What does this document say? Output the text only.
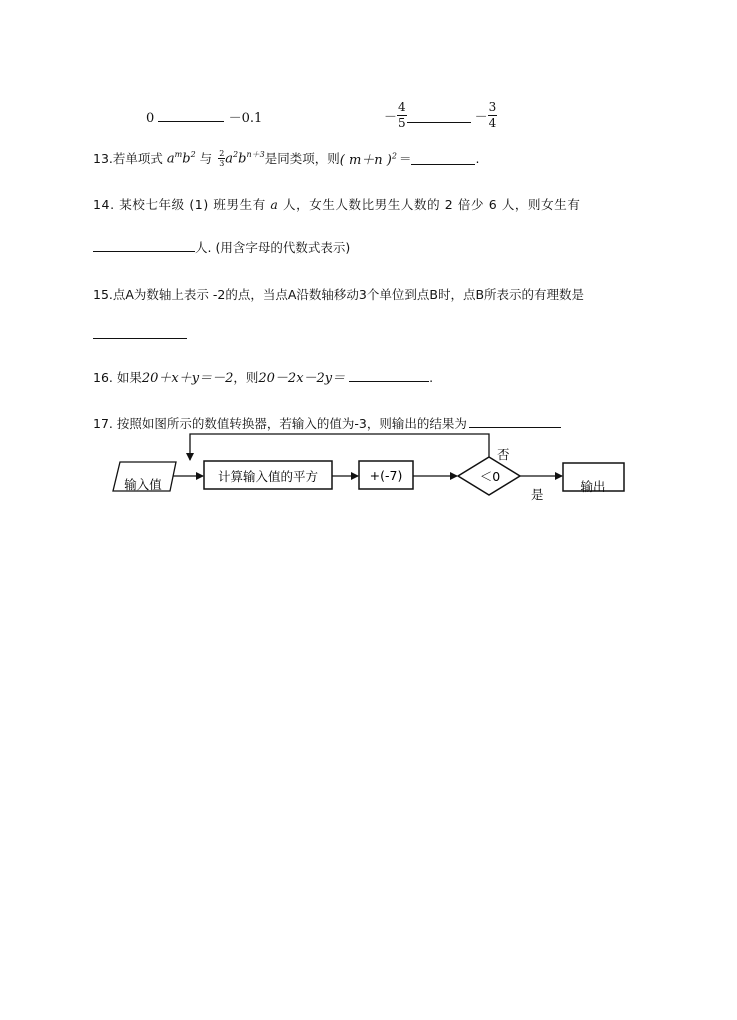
0	－0.1	－ $\frac{4}{5}$	－ $\frac{3}{4}$
13.若单项式 $a^mb^2$ 与 $\frac{2}{3} a^2b^{n+3}$ 是同类项，则 ( m＋n )$^2$ ＝	.
14. 某校七年级 (1) 班男生有 a 人，女生人数比男生人数的 2 倍少 6 人，则女生有
人. (用含字母的代数式表示)
15.点A为数轴上表示 -2的点，当点A沿数轴移动3个单位到点B时，点B所表示的有理数是
16. 如果20＋x＋y＝－2，则20－2x－2y＝	.
17. 按照如图所示的数值转换器，若输入的值为-3，则输出的结果为
输入值
计算输入值的平方	+(-7)	＜0
否
是
输出
